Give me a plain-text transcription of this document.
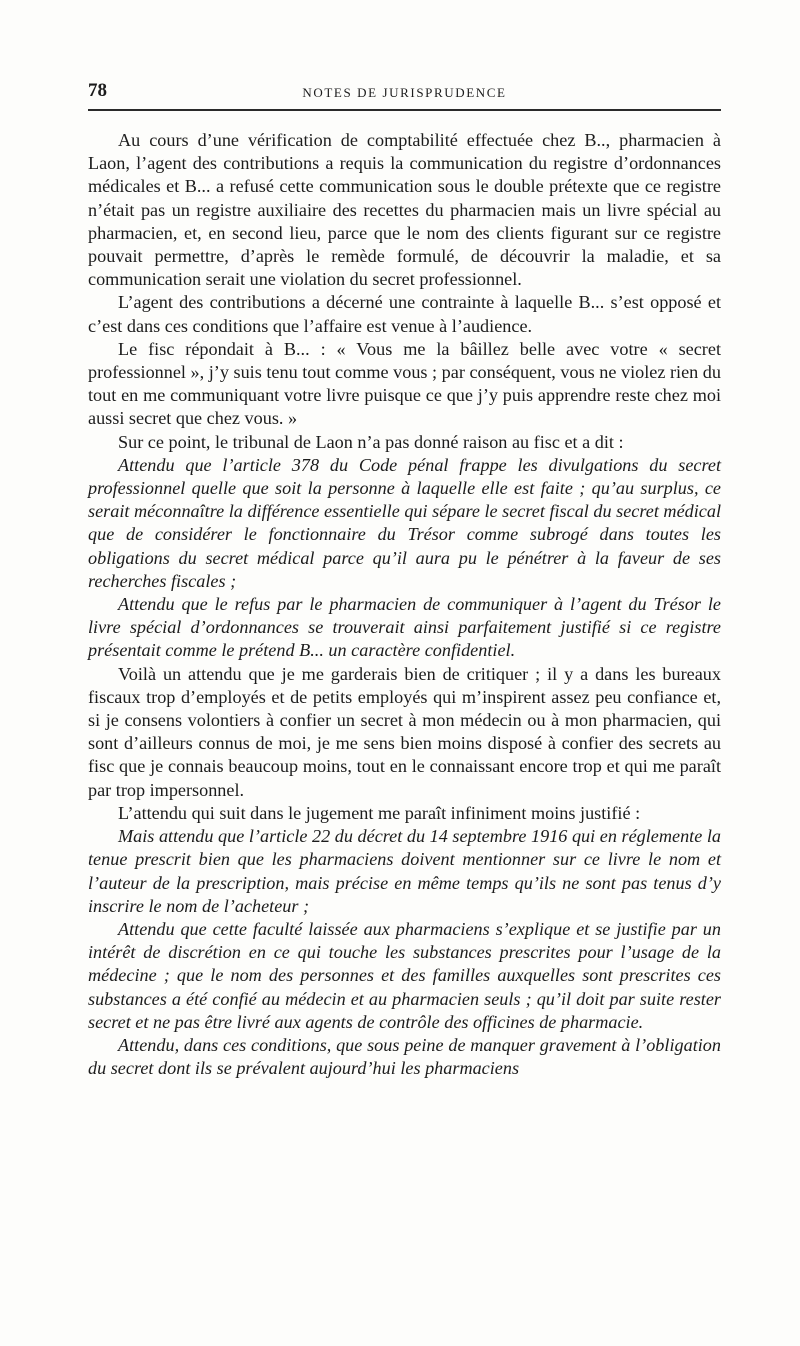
78	NOTES DE JURISPRUDENCE

Au cours d’une vérification de comptabilité effectuée chez B.., pharmacien à Laon, l’agent des contributions a requis la communication du registre d’ordonnances médicales et B... a refusé cette communication sous le double prétexte que ce registre n’était pas un registre auxiliaire des recettes du pharmacien mais un livre spécial au pharmacien, et, en second lieu, parce que le nom des clients figurant sur ce registre pouvait permettre, d’après le remède formulé, de découvrir la maladie, et sa communication serait une violation du secret professionnel.

L’agent des contributions a décerné une contrainte à laquelle B... s’est opposé et c’est dans ces conditions que l’affaire est venue à l’audience.

Le fisc répondait à B... : « Vous me la bâillez belle avec votre « secret professionnel », j’y suis tenu tout comme vous ; par conséquent, vous ne violez rien du tout en me communiquant votre livre puisque ce que j’y puis apprendre reste chez moi aussi secret que chez vous. »

Sur ce point, le tribunal de Laon n’a pas donné raison au fisc et a dit :

Attendu que l’article 378 du Code pénal frappe les divulgations du secret professionnel quelle que soit la personne à laquelle elle est faite ; qu’au surplus, ce serait méconnaître la différence essentielle qui sépare le secret fiscal du secret médical que de considérer le fonctionnaire du Trésor comme subrogé dans toutes les obligations du secret médical parce qu’il aura pu le pénétrer à la faveur de ses recherches fiscales ;

Attendu que le refus par le pharmacien de communiquer à l’agent du Trésor le livre spécial d’ordonnances se trouverait ainsi parfaitement justifié si ce registre présentait comme le prétend B... un caractère confidentiel.

Voilà un attendu que je me garderais bien de critiquer ; il y a dans les bureaux fiscaux trop d’employés et de petits employés qui m’inspirent assez peu confiance et, si je consens volontiers à confier un secret à mon médecin ou à mon pharmacien, qui sont d’ailleurs connus de moi, je me sens bien moins disposé à confier des secrets au fisc que je connais beaucoup moins, tout en le connaissant encore trop et qui me paraît par trop impersonnel.

L’attendu qui suit dans le jugement me paraît infiniment moins justifié :

Mais attendu que l’article 22 du décret du 14 septembre 1916 qui en réglemente la tenue prescrit bien que les pharmaciens doivent mentionner sur ce livre le nom et l’auteur de la prescription, mais précise en même temps qu’ils ne sont pas tenus d’y inscrire le nom de l’acheteur ;

Attendu que cette faculté laissée aux pharmaciens s’explique et se justifie par un intérêt de discrétion en ce qui touche les substances prescrites pour l’usage de la médecine ; que le nom des personnes et des familles auxquelles sont prescrites ces substances a été confié au médecin et au pharmacien seuls ; qu’il doit par suite rester secret et ne pas être livré aux agents de contrôle des officines de pharmacie.

Attendu, dans ces conditions, que sous peine de manquer gravement à l’obligation du secret dont ils se prévalent aujourd’hui les pharmaciens
